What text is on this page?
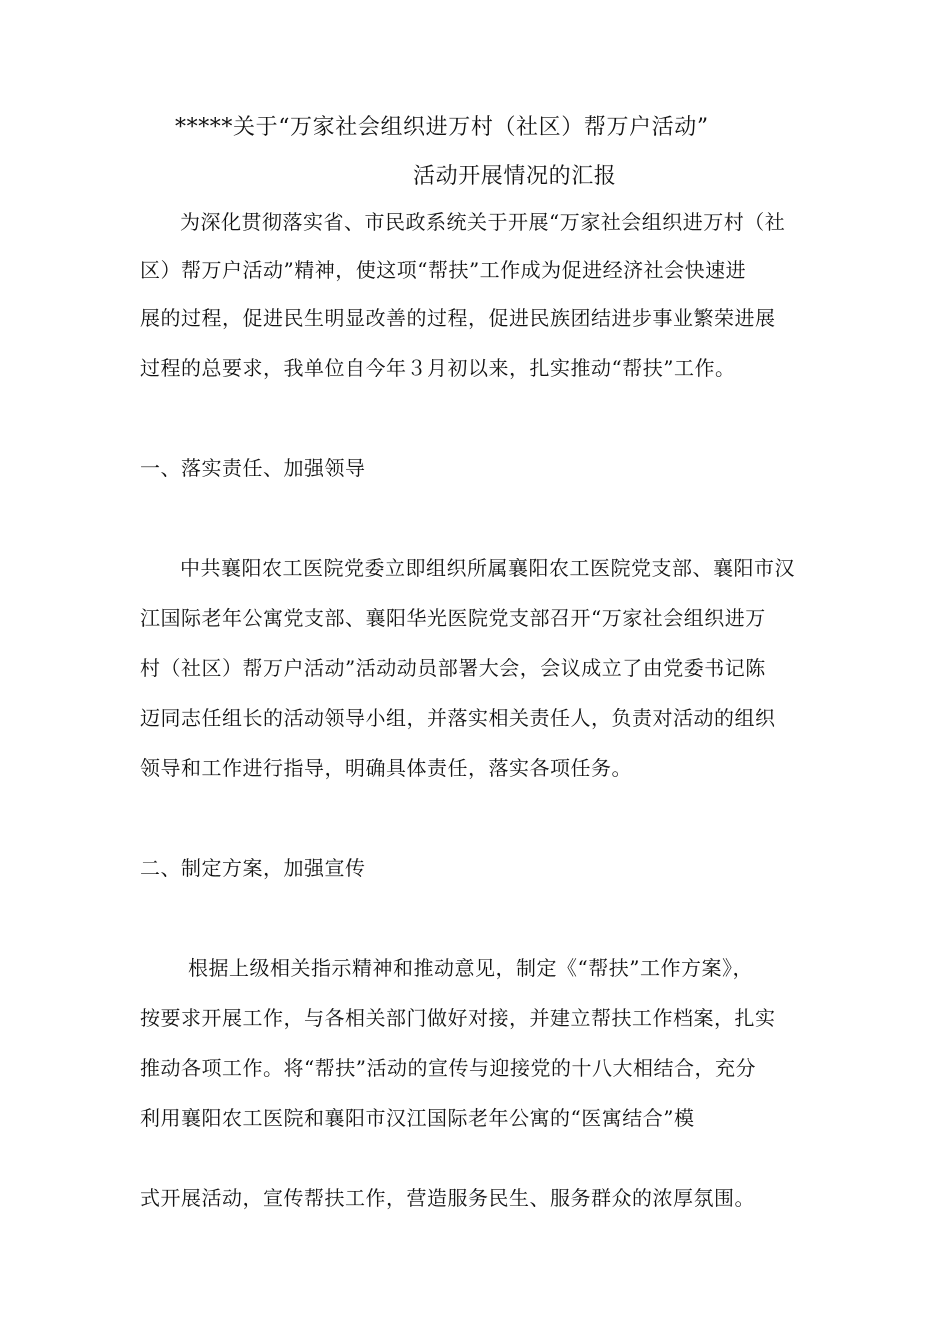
*****关于“万家社会组织进万村（社区）帮万户活动”
活动开展情况的汇报
为深化贯彻落实省、市民政系统关于开展“万家社会组织进万村（社
区）帮万户活动”精神，使这项“帮扶”工作成为促进经济社会快速进
展的过程，促进民生明显改善的过程，促进民族团结进步事业繁荣进展
过程的总要求，我单位自今年３月初以来，扎实推动“帮扶”工作。
一、落实责任、加强领导
中共襄阳农工医院党委立即组织所属襄阳农工医院党支部、襄阳市汉
江国际老年公寓党支部、襄阳华光医院党支部召开“万家社会组织进万
村（社区）帮万户活动”活动动员部署大会，会议成立了由党委书记陈
迈同志任组长的活动领导小组，并落实相关责任人，负责对活动的组织
领导和工作进行指导，明确具体责任，落实各项任务。
二、制定方案，加强宣传
根据上级相关指示精神和推动意见，制定《“帮扶”工作方案》，
按要求开展工作，与各相关部门做好对接，并建立帮扶工作档案，扎实
推动各项工作。将“帮扶”活动的宣传与迎接党的十八大相结合，充分
利用襄阳农工医院和襄阳市汉江国际老年公寓的“医寓结合”模
式开展活动，宣传帮扶工作，营造服务民生、服务群众的浓厚氛围。
